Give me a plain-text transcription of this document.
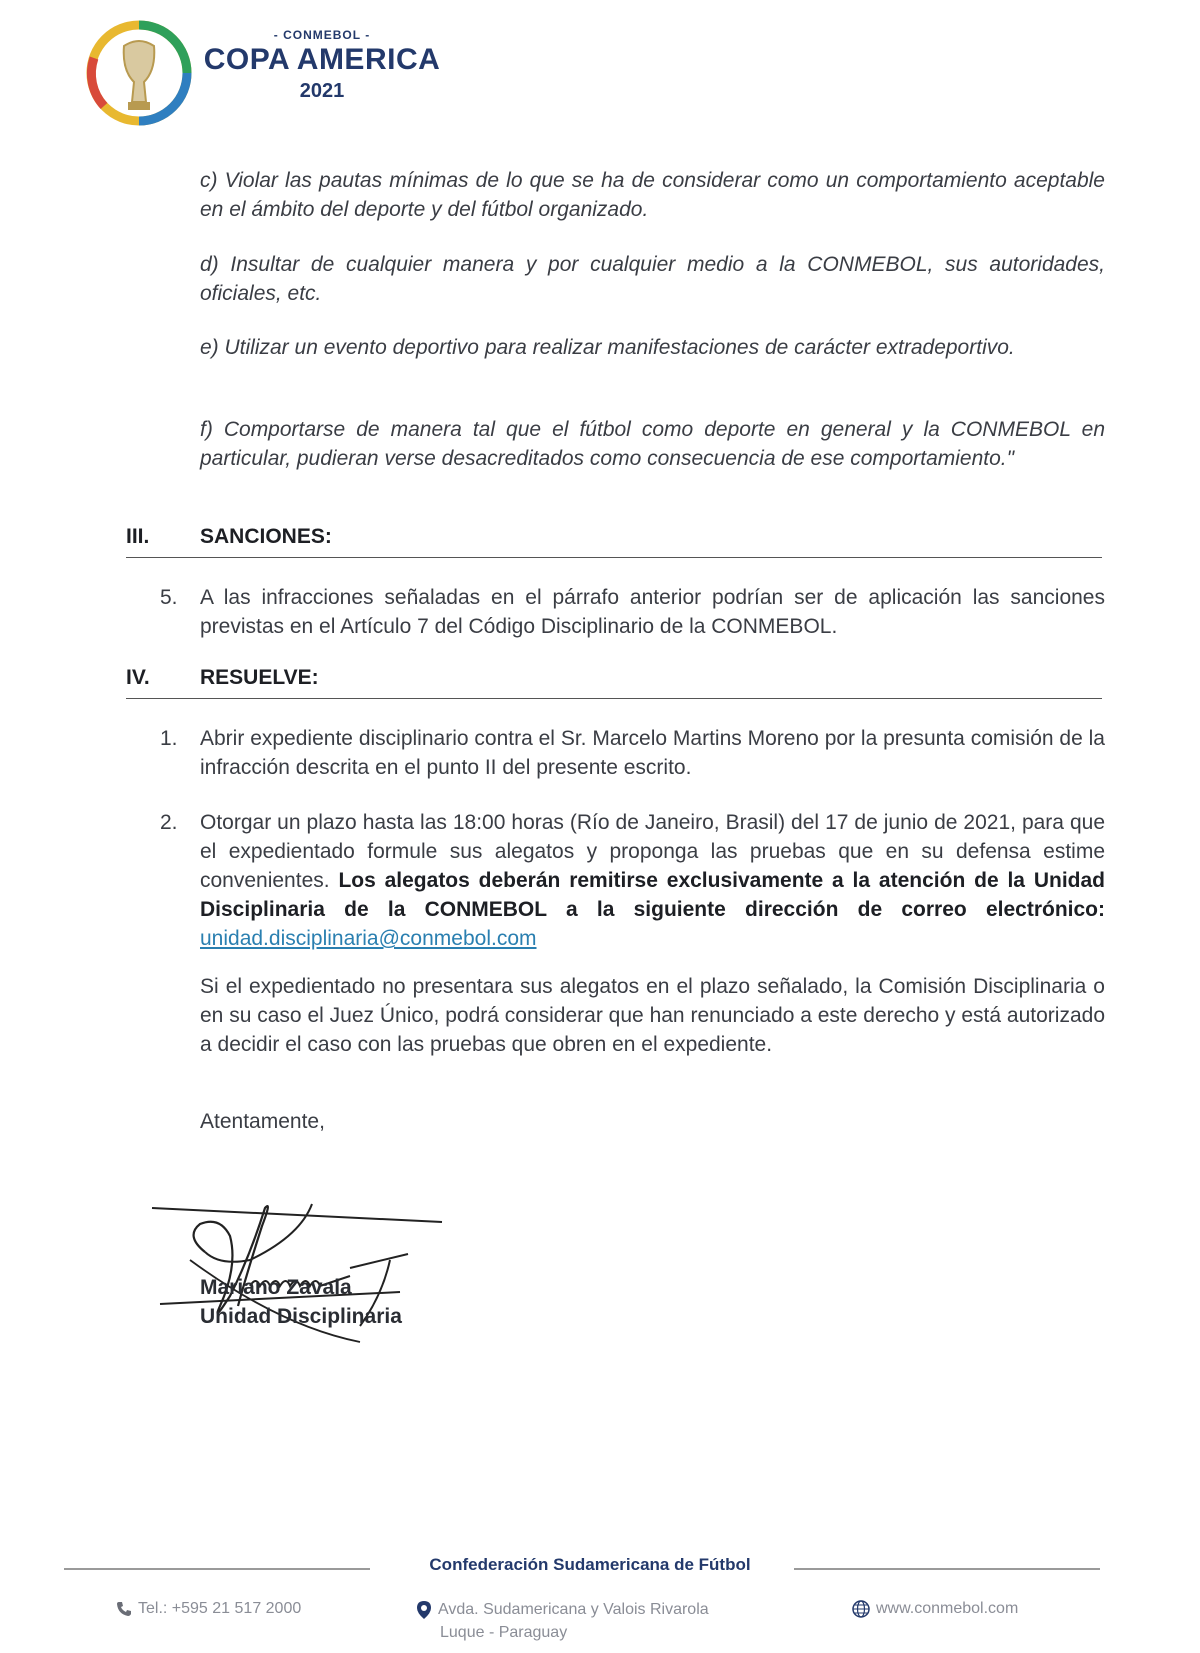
- CONMEBOL -
COPA AMERICA
2021
c) Violar las pautas mínimas de lo que se ha de considerar como un comportamiento aceptable en el ámbito del deporte y del fútbol organizado.
d) Insultar de cualquier manera y por cualquier medio a la CONMEBOL, sus autoridades, oficiales, etc.
e) Utilizar un evento deportivo para realizar manifestaciones de carácter extradeportivo.
f) Comportarse de manera tal que el fútbol como deporte en general y la CONMEBOL en particular, pudieran verse desacreditados como consecuencia de ese comportamiento."
III. SANCIONES:
5.	A las infracciones señaladas en el párrafo anterior podrían ser de aplicación las sanciones previstas en el Artículo 7 del Código Disciplinario de la CONMEBOL.
IV. RESUELVE:
1.	Abrir expediente disciplinario contra el Sr. Marcelo Martins Moreno por la presunta comisión de la infracción descrita en el punto II del presente escrito.
2.	Otorgar un plazo hasta las 18:00 horas (Río de Janeiro, Brasil) del 17 de junio de 2021, para que el expedientado formule sus alegatos y proponga las pruebas que en su defensa estime convenientes. Los alegatos deberán remitirse exclusivamente a la atención de la Unidad Disciplinaria de la CONMEBOL a la siguiente dirección de correo electrónico: unidad.disciplinaria@conmebol.com
Si el expedientado no presentara sus alegatos en el plazo señalado, la Comisión Disciplinaria o en su caso el Juez Único, podrá considerar que han renunciado a este derecho y está autorizado a decidir el caso con las pruebas que obren en el expediente.
Atentamente,
Mariano Zavala
Unidad Disciplinaria
Confederación Sudamericana de Fútbol
Tel.: +595 21 517 2000	Avda. Sudamericana y Valois Rivarola
Luque - Paraguay
www.conmebol.com
